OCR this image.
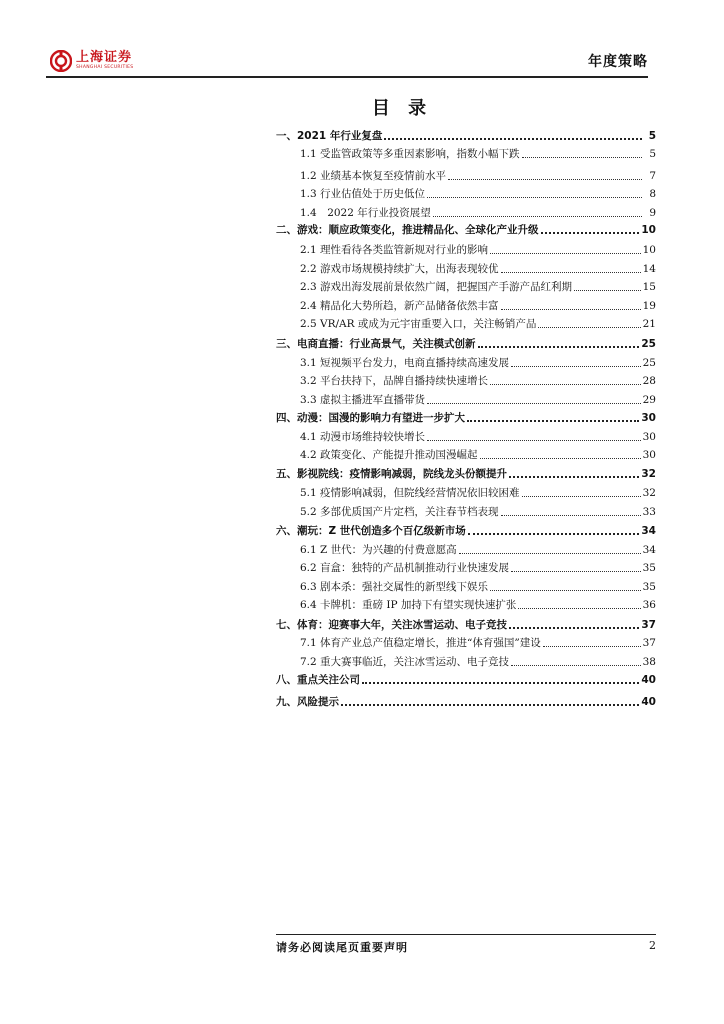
上海证券
SHANGHAI SECURITIES	年度策略
目 录
一、2021 年行业复盘	5
1.1 受监管政策等多重因素影响，指数小幅下跌	5
1.2 业绩基本恢复至疫情前水平	7
1.3 行业估值处于历史低位	8
1.4　2022 年行业投资展望	9
二、游戏：顺应政策变化，推进精品化、全球化产业升级	10
2.1 理性看待各类监管新规对行业的影响	10
2.2 游戏市场规模持续扩大，出海表现较优	14
2.3 游戏出海发展前景依然广阔，把握国产手游产品红利期	15
2.4 精品化大势所趋，新产品储备依然丰富	19
2.5 VR/AR 或成为元宇宙重要入口，关注畅销产品	21
三、电商直播：行业高景气，关注模式创新	25
3.1 短视频平台发力，电商直播持续高速发展	25
3.2 平台扶持下，品牌自播持续快速增长	28
3.3 虚拟主播进军直播带货	29
四、动漫：国漫的影响力有望进一步扩大	30
4.1 动漫市场维持较快增长	30
4.2 政策变化、产能提升推动国漫崛起	30
五、影视院线：疫情影响减弱，院线龙头份额提升	32
5.1 疫情影响减弱，但院线经营情况依旧较困难	32
5.2 多部优质国产片定档，关注春节档表现	33
六、潮玩：Z 世代创造多个百亿级新市场	34
6.1 Z 世代：为兴趣的付费意愿高	34
6.2 盲盒：独特的产品机制推动行业快速发展	35
6.3 剧本杀：强社交属性的新型线下娱乐	35
6.4 卡牌机：重磅 IP 加持下有望实现快速扩张	36
七、体育：迎赛事大年，关注冰雪运动、电子竞技	37
7.1 体育产业总产值稳定增长，推进“体育强国”建设	37
7.2 重大赛事临近，关注冰雪运动、电子竞技	38
八、重点关注公司	40
九、风险提示	40
请务必阅读尾页重要声明	2
